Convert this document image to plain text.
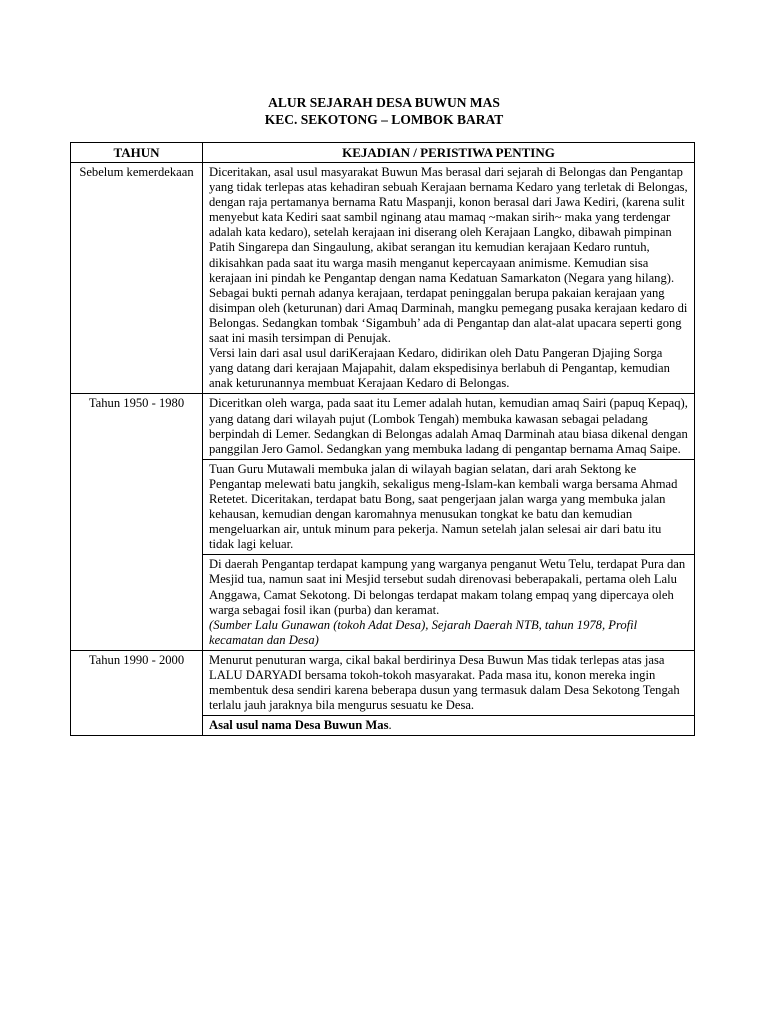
ALUR SEJARAH DESA BUWUN MAS
KEC. SEKOTONG – LOMBOK BARAT
TAHUN	KEJADIAN / PERISTIWA PENTING
Sebelum kemerdekaan	Diceritakan, asal usul masyarakat Buwun Mas berasal dari sejarah di Belongas dan Pengantap yang tidak terlepas atas kehadiran sebuah Kerajaan bernama Kedaro yang terletak di Belongas, dengan raja pertamanya bernama Ratu Maspanji, konon berasal dari Jawa Kediri, (karena sulit menyebut kata Kediri saat sambil nginang atau mamaq ~makan sirih~ maka yang terdengar adalah kata kedaro), setelah kerajaan ini diserang oleh Kerajaan Langko, dibawah pimpinan Patih Singarepa dan Singaulung, akibat serangan itu kemudian kerajaan Kedaro runtuh, dikisahkan pada saat itu warga masih menganut kepercayaan animisme. Kemudian sisa kerajaan ini pindah ke Pengantap dengan nama Kedatuan Samarkaton (Negara yang hilang). Sebagai bukti pernah adanya kerajaan, terdapat peninggalan berupa pakaian kerajaan yang disimpan oleh (keturunan) dari Amaq Darminah, mangku pemegang pusaka kerajaan kedaro di Belongas. Sedangkan tombak ‘Sigambuh’ ada di Pengantap dan alat-alat upacara seperti gong saat ini masih tersimpan di Penujak.
Versi lain dari asal usul dariKerajaan Kedaro, didirikan oleh Datu Pangeran Djajing Sorga yang datang dari kerajaan Majapahit, dalam ekspedisinya berlabuh di Pengantap, kemudian anak keturunannya membuat Kerajaan Kedaro di Belongas.

Tahun 1950 - 1980	Diceritkan oleh warga, pada saat itu Lemer adalah hutan, kemudian amaq Sairi (papuq Kepaq), yang datang dari wilayah pujut (Lombok Tengah) membuka kawasan sebagai peladang berpindah di Lemer. Sedangkan di Belongas adalah Amaq Darminah atau biasa dikenal dengan panggilan Jero Gamol. Sedangkan yang membuka ladang di pengantap bernama Amaq Saipe.
	Tuan Guru Mutawali membuka jalan di wilayah bagian selatan, dari arah Sektong ke Pengantap melewati batu jangkih, sekaligus meng-Islam-kan kembali warga bersama Ahmad Retetet. Diceritakan, terdapat batu Bong, saat pengerjaan jalan warga yang membuka jalan kehausan, kemudian dengan karomahnya menusukan tongkat ke batu dan kemudian mengeluarkan air, untuk minum para pekerja. Namun setelah jalan selesai air dari batu itu tidak lagi keluar.

	Di daerah Pengantap terdapat kampung yang warganya penganut Wetu Telu, terdapat Pura dan Mesjid tua, namun saat ini Mesjid tersebut sudah direnovasi beberapakali, pertama oleh Lalu Anggawa, Camat Sekotong. Di belongas terdapat makam tolang empaq yang dipercaya oleh warga sebagai fosil ikan (purba) dan keramat.
(Sumber Lalu Gunawan (tokoh Adat Desa), Sejarah Daerah NTB, tahun 1978, Profil kecamatan dan Desa)

Tahun 1990 - 2000	Menurut penuturan warga, cikal bakal berdirinya Desa Buwun Mas tidak terlepas atas jasa LALU DARYADI bersama tokoh-tokoh masyarakat. Pada masa itu, konon mereka ingin membentuk desa sendiri karena beberapa dusun yang termasuk dalam Desa Sekotong Tengah terlalu jauh jaraknya bila mengurus sesuatu ke Desa.
	Asal usul nama Desa Buwun Mas.
